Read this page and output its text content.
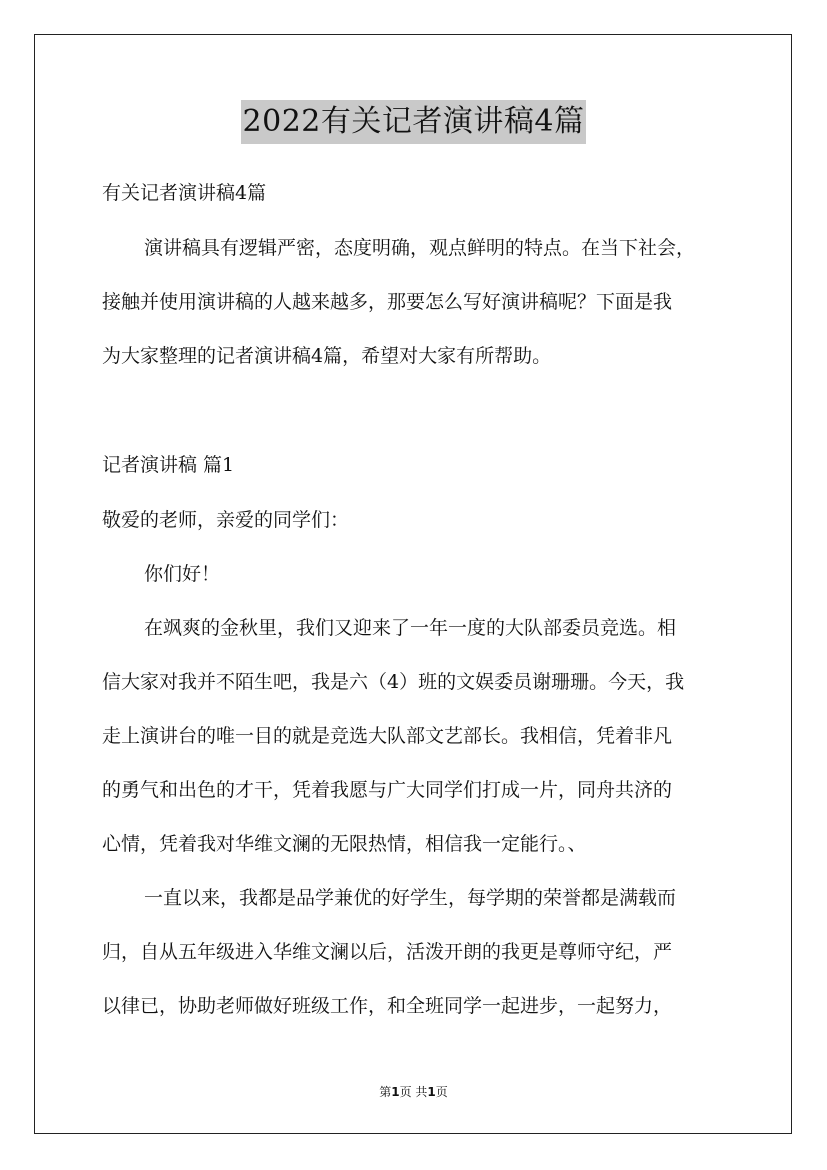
2022有关记者演讲稿4篇
有关记者演讲稿4篇
演讲稿具有逻辑严密，态度明确，观点鲜明的特点。在当下社会，
接触并使用演讲稿的人越来越多，那要怎么写好演讲稿呢？下面是我
为大家整理的记者演讲稿4篇，希望对大家有所帮助。
记者演讲稿 篇1
敬爱的老师，亲爱的同学们：
你们好！
在飒爽的金秋里，我们又迎来了一年一度的大队部委员竞选。相
信大家对我并不陌生吧，我是六（4）班的文娱委员谢珊珊。今天，我
走上演讲台的唯一目的就是竞选大队部文艺部长。我相信，凭着非凡
的勇气和出色的才干，凭着我愿与广大同学们打成一片，同舟共济的
心情，凭着我对华维文澜的无限热情，相信我一定能行。、
一直以来，我都是品学兼优的好学生，每学期的荣誉都是满载而
归，自从五年级进入华维文澜以后，活泼开朗的我更是尊师守纪，严
以律已，协助老师做好班级工作，和全班同学一起进步，一起努力，
第1页 共1页
